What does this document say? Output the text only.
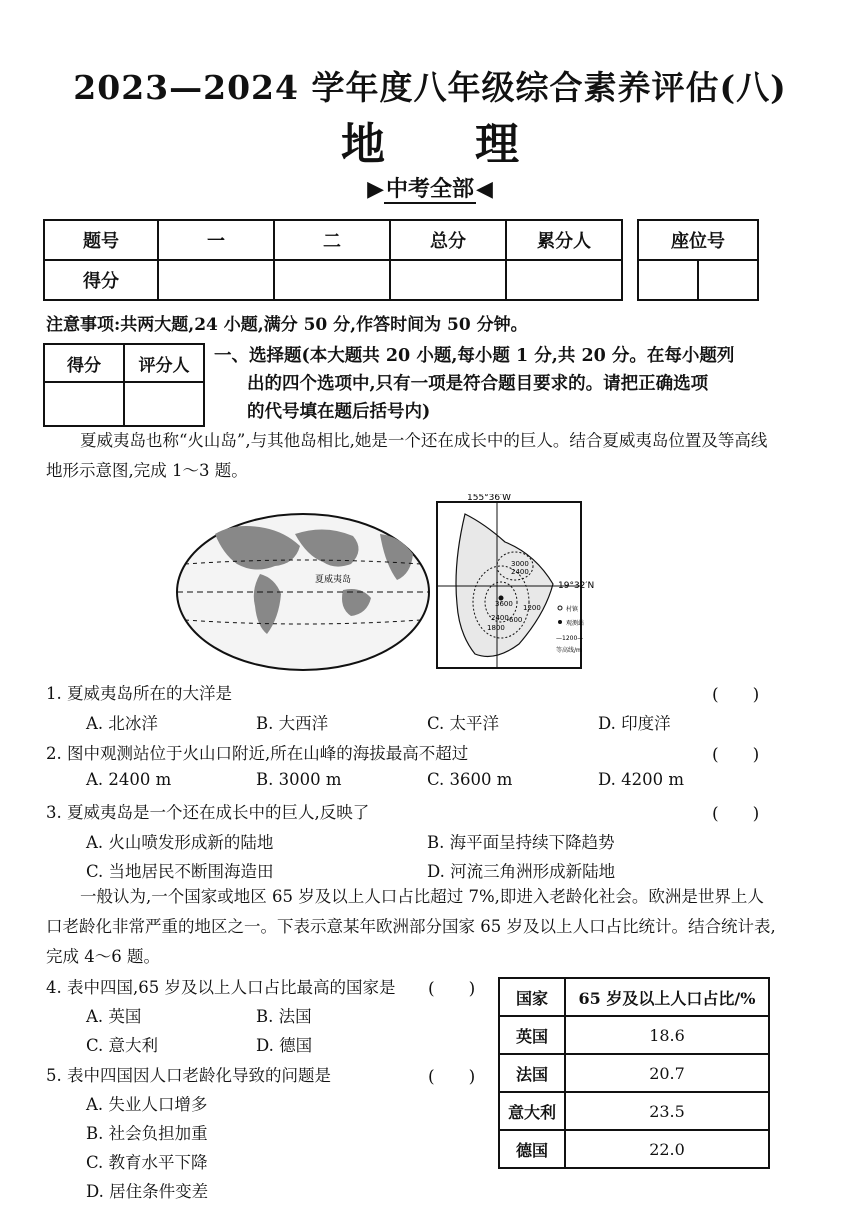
2023—2024 学年度八年级综合素养评估(八)
地理
▶中考全部◀
题号	一	二	总分	累分人
得分				
座位号

注意事项:共两大题,24 小题,满分 50 分,作答时间为 50 分钟。
得分	评分人
	一、选择题(本大题共 20 小题,每小题 1 分,共 20 分。在每小题列

出的四个选项中,只有一项是符合题目要求的。请把正确选项
的代号填在题后括号内)
夏威夷岛也称“火山岛”,与其他岛相比,她是一个还在成长中的巨人。结合夏威夷岛位置及等高线地形示意图,完成 1～3 题。
夏威夷岛
155°36′W
19°32′N
3000
2400
3600 1200
2400
1800
600
村镇
观测站
—1200—
等高线/m
1. 夏威夷岛所在的大洋是	(　　)
A. 北冰洋	B. 大西洋	C. 太平洋	D. 印度洋
2. 图中观测站位于火山口附近,所在山峰的海拔最高不超过	(　　)
A. 2400 m	B. 3000 m	C. 3600 m	D. 4200 m
3. 夏威夷岛是一个还在成长中的巨人,反映了	(　　)
A. 火山喷发形成新的陆地	B. 海平面呈持续下降趋势
C. 当地居民不断围海造田	D. 河流三角洲形成新陆地
一般认为,一个国家或地区 65 岁及以上人口占比超过 7%,即进入老龄化社会。欧洲是世界上人口老龄化非常严重的地区之一。下表示意某年欧洲部分国家 65 岁及以上人口占比统计。结合统计表,完成 4～6 题。
4. 表中四国,65 岁及以上人口占比最高的国家是 (　　)
A. 英国	B. 法国
C. 意大利	D. 德国
5. 表中四国因人口老龄化导致的问题是	(　　)
A. 失业人口增多
B. 社会负担加重
C. 教育水平下降
D. 居住条件变差
国家	65 岁及以上人口占比/%
英国	18.6
法国	20.7
意大利	23.5
德国	22.0
